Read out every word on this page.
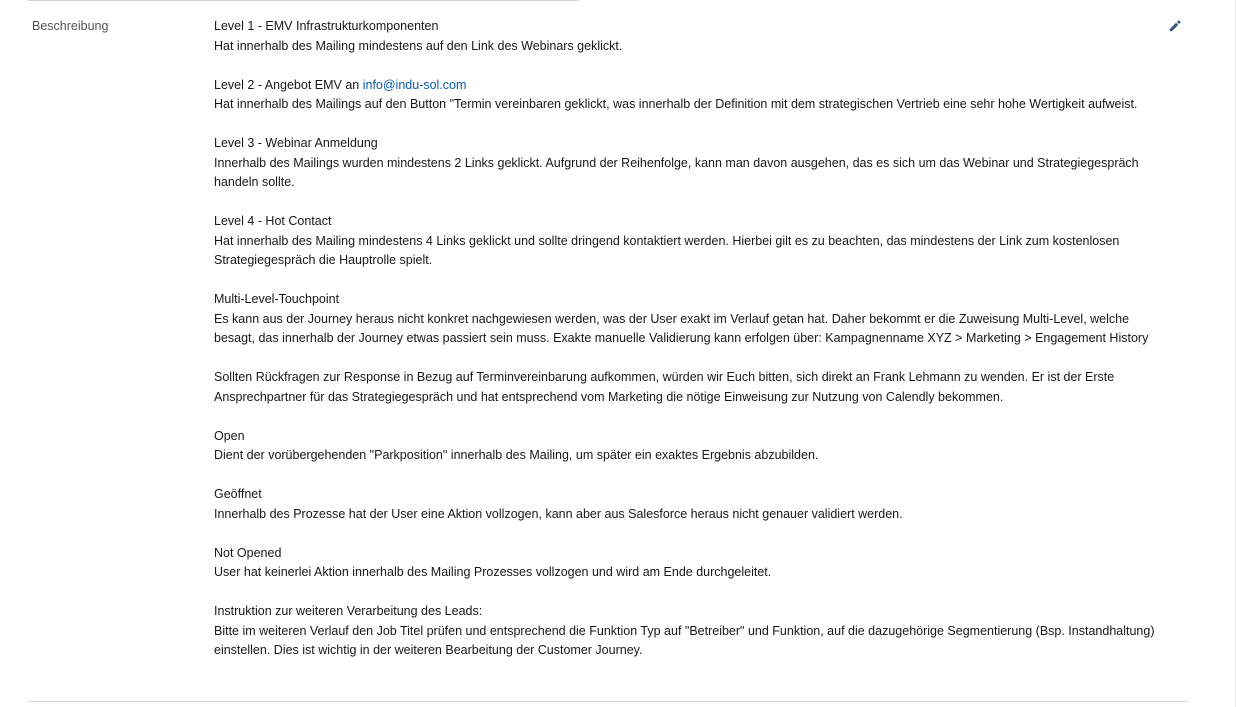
Beschreibung	Level 1 - EMV Infrastrukturkomponenten
Hat innerhalb des Mailing mindestens auf den Link des Webinars geklickt.
Level 2 - Angebot EMV an info@indu-sol.com
Hat innerhalb des Mailings auf den Button "Termin vereinbaren geklickt, was innerhalb der Definition mit dem strategischen Vertrieb eine sehr hohe Wertigkeit aufweist.
Level 3 - Webinar Anmeldung
Innerhalb des Mailings wurden mindestens 2 Links geklickt. Aufgrund der Reihenfolge, kann man davon ausgehen, das es sich um das Webinar und Strategiegespräch handeln sollte.
Level 4 - Hot Contact
Hat innerhalb des Mailing mindestens 4 Links geklickt und sollte dringend kontaktiert werden. Hierbei gilt es zu beachten, das mindestens der Link zum kostenlosen Strategiegespräch die Hauptrolle spielt.
Multi-Level-Touchpoint
Es kann aus der Journey heraus nicht konkret nachgewiesen werden, was der User exakt im Verlauf getan hat. Daher bekommt er die Zuweisung Multi-Level, welche besagt, das innerhalb der Journey etwas passiert sein muss. Exakte manuelle Validierung kann erfolgen über: Kampagnenname XYZ > Marketing > Engagement History
Sollten Rückfragen zur Response in Bezug auf Terminvereinbarung aufkommen, würden wir Euch bitten, sich direkt an Frank Lehmann zu wenden. Er ist der Erste Ansprechpartner für das Strategiegespräch und hat entsprechend vom Marketing die nötige Einweisung zur Nutzung von Calendly bekommen.
Open
Dient der vorübergehenden "Parkposition" innerhalb des Mailing, um später ein exaktes Ergebnis abzubilden.
Geöffnet
Innerhalb des Prozesse hat der User eine Aktion vollzogen, kann aber aus Salesforce heraus nicht genauer validiert werden.
Not Opened
User hat keinerlei Aktion innerhalb des Mailing Prozesses vollzogen und wird am Ende durchgeleitet.
Instruktion zur weiteren Verarbeitung des Leads:
Bitte im weiteren Verlauf den Job Titel prüfen und entsprechend die Funktion Typ auf "Betreiber" und Funktion, auf die dazugehörige Segmentierung (Bsp. Instandhaltung) einstellen. Dies ist wichtig in der weiteren Bearbeitung der Customer Journey.
